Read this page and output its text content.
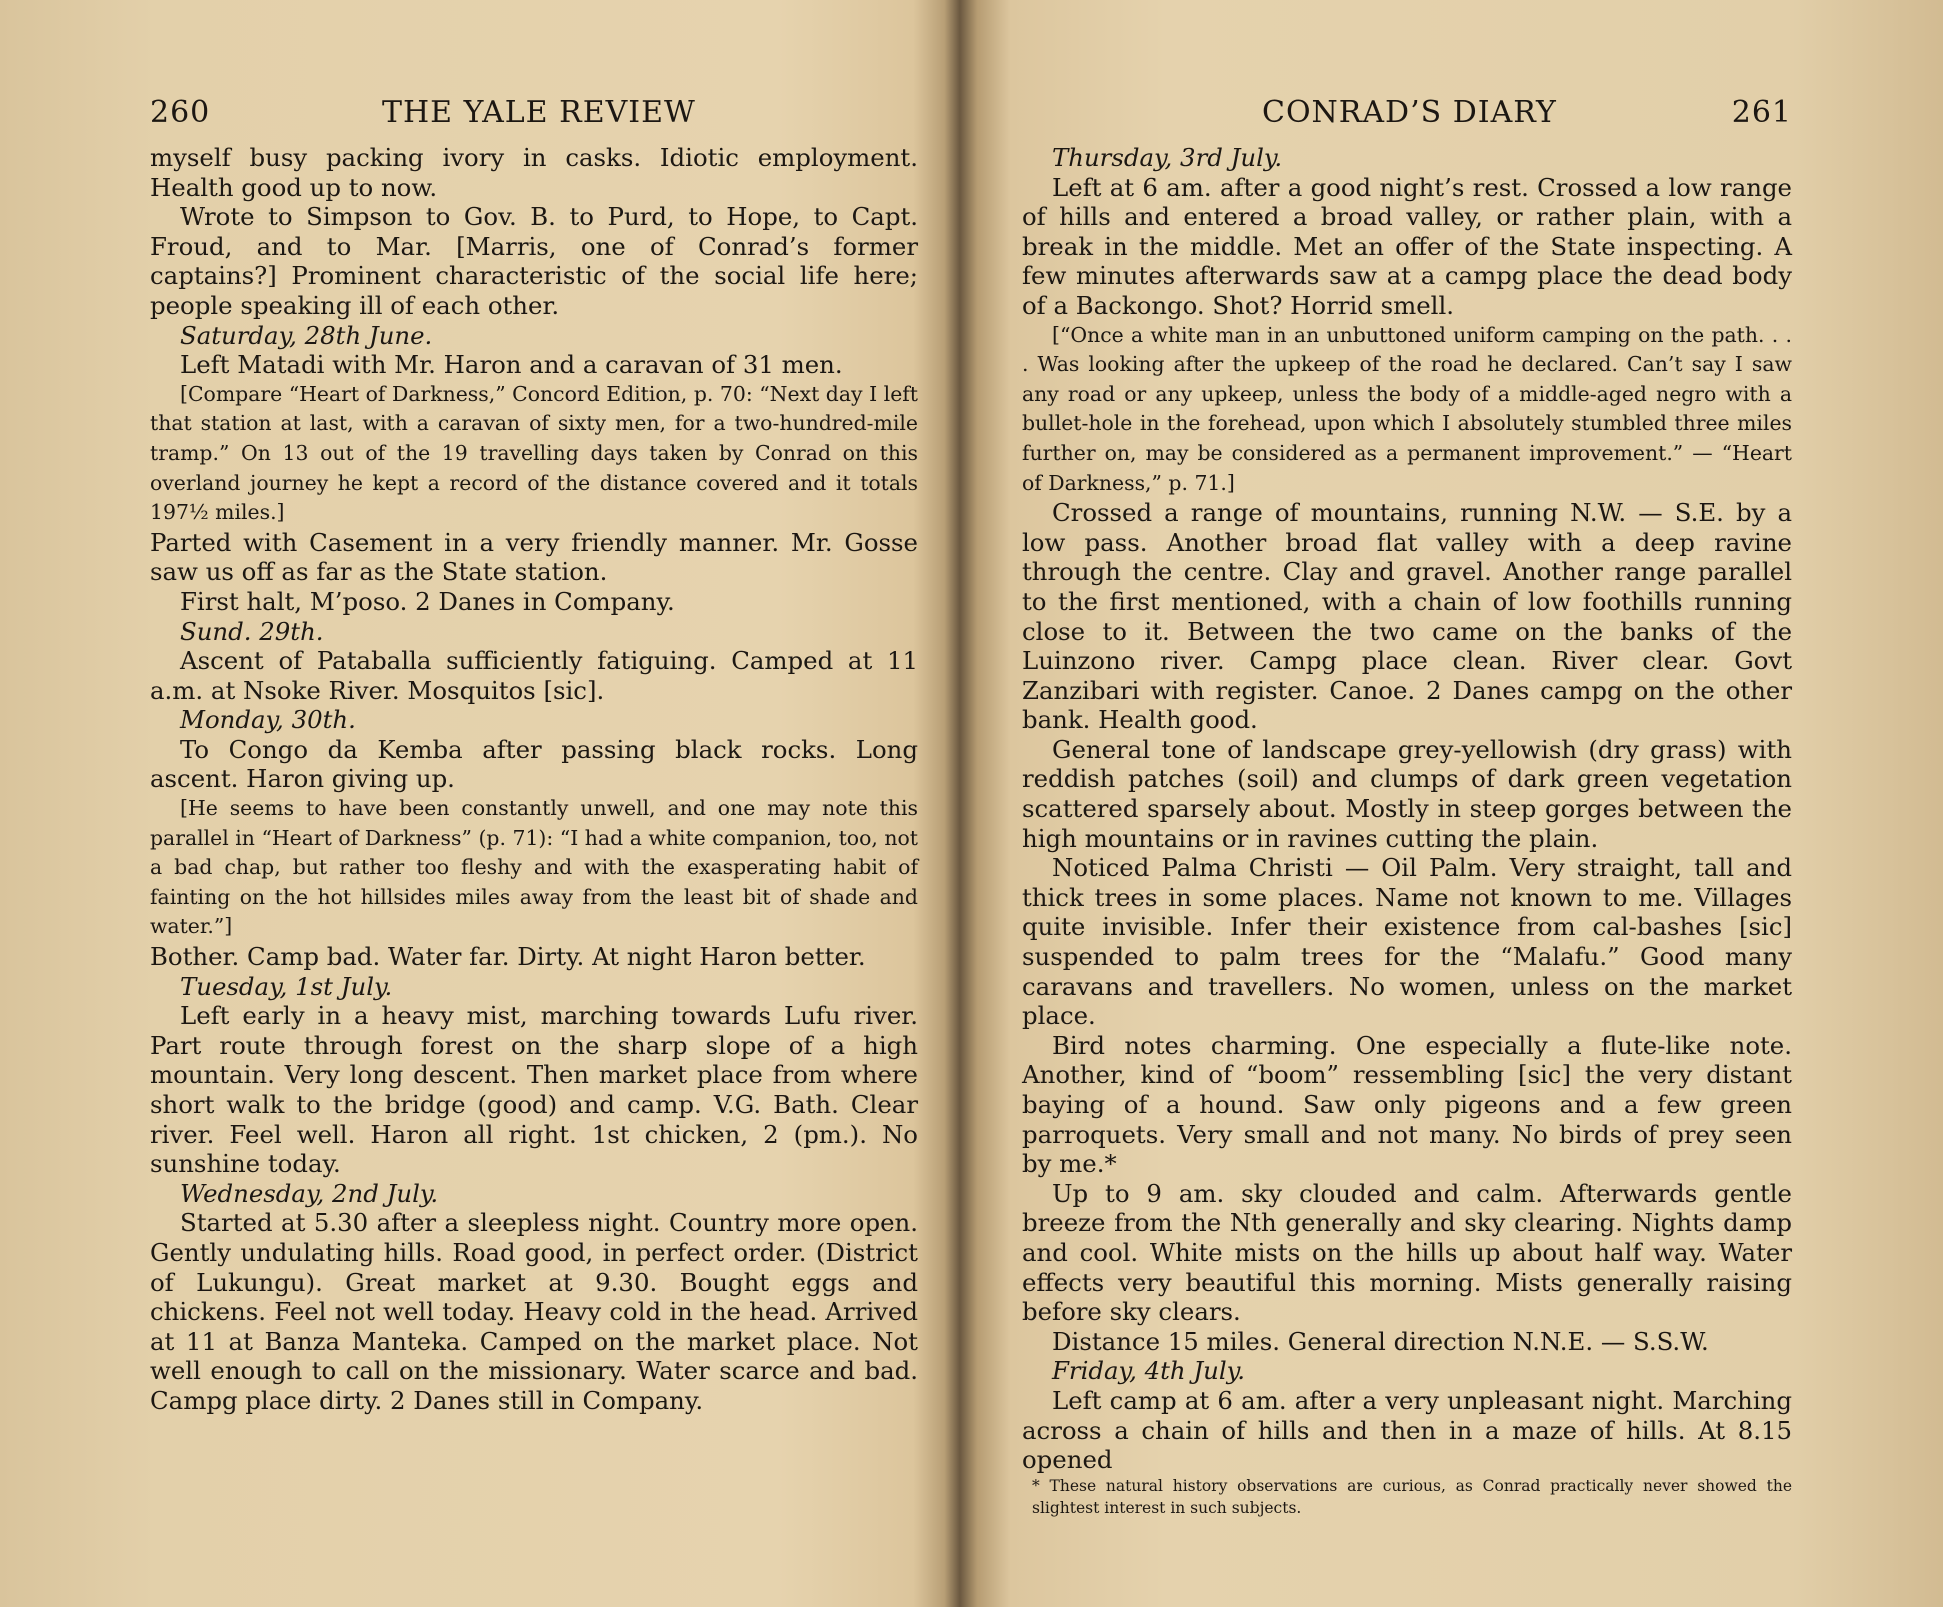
260	THE YALE REVIEW

myself busy packing ivory in casks. Idiotic employment. Health good up to now.

Wrote to Simpson to Gov. B. to Purd, to Hope, to Capt. Froud, and to Mar. [Marris, one of Conrad’s former captains?] Prominent characteristic of the social life here; people speaking ill of each other.

Saturday, 28th June.

Left Matadi with Mr. Haron and a caravan of 31 men.

[Compare “Heart of Darkness,” Concord Edition, p. 70: “Next day I left that station at last, with a caravan of sixty men, for a two-hundred-mile tramp.” On 13 out of the 19 travelling days taken by Conrad on this overland journey he kept a record of the distance covered and it totals 197½ miles.]

Parted with Casement in a very friendly manner. Mr. Gosse saw us off as far as the State station.

First halt, M’poso. 2 Danes in Company.

Sund. 29th.

Ascent of Pataballa sufficiently fatiguing. Camped at 11 a.m. at Nsoke River. Mosquitos [sic].

Monday, 30th.

To Congo da Kemba after passing black rocks. Long ascent. Haron giving up.

[He seems to have been constantly unwell, and one may note this parallel in “Heart of Darkness” (p. 71): “I had a white companion, too, not a bad chap, but rather too fleshy and with the exasperating habit of fainting on the hot hillsides miles away from the least bit of shade and water.”]

Bother. Camp bad. Water far. Dirty. At night Haron better.

Tuesday, 1st July.

Left early in a heavy mist, marching towards Lufu river. Part route through forest on the sharp slope of a high mountain. Very long descent. Then market place from where short walk to the bridge (good) and camp. V.G. Bath. Clear river. Feel well. Haron all right. 1st chicken, 2 (pm.). No sunshine today.

Wednesday, 2nd July.

Started at 5.30 after a sleepless night. Country more open. Gently undulating hills. Road good, in perfect order. (District of Lukungu). Great market at 9.30. Bought eggs and chickens. Feel not well today. Heavy cold in the head. Arrived at 11 at Banza Manteka. Camped on the market place. Not well enough to call on the missionary. Water scarce and bad. Campg place dirty. 2 Danes still in Company.

CONRAD’S DIARY	261

Thursday, 3rd July.

Left at 6 am. after a good night’s rest. Crossed a low range of hills and entered a broad valley, or rather plain, with a break in the middle. Met an offer of the State inspecting. A few minutes afterwards saw at a campg place the dead body of a Backongo. Shot? Horrid smell.

[“Once a white man in an unbuttoned uniform camping on the path. . . . Was looking after the upkeep of the road he declared. Can’t say I saw any road or any upkeep, unless the body of a middle-aged negro with a bullet-hole in the forehead, upon which I absolutely stumbled three miles further on, may be considered as a permanent improvement.” — “Heart of Darkness,” p. 71.]

Crossed a range of mountains, running N.W. — S.E. by a low pass. Another broad flat valley with a deep ravine through the centre. Clay and gravel. Another range parallel to the first mentioned, with a chain of low foothills running close to it. Between the two came on the banks of the Luinzono river. Campg place clean. River clear. Govt Zanzibari with register. Canoe. 2 Danes campg on the other bank. Health good.

General tone of landscape grey-yellowish (dry grass) with reddish patches (soil) and clumps of dark green vegetation scattered sparsely about. Mostly in steep gorges between the high mountains or in ravines cutting the plain.

Noticed Palma Christi — Oil Palm. Very straight, tall and thick trees in some places. Name not known to me. Villages quite invisible. Infer their existence from cal-bashes [sic] suspended to palm trees for the “Malafu.” Good many caravans and travellers. No women, unless on the market place.

Bird notes charming. One especially a flute-like note. Another, kind of “boom” ressembling [sic] the very distant baying of a hound. Saw only pigeons and a few green parroquets. Very small and not many. No birds of prey seen by me.*

Up to 9 am. sky clouded and calm. Afterwards gentle breeze from the Nth generally and sky clearing. Nights damp and cool. White mists on the hills up about half way. Water effects very beautiful this morning. Mists generally raising before sky clears.

Distance 15 miles. General direction N.N.E. — S.S.W.

Friday, 4th July.

Left camp at 6 am. after a very unpleasant night. Marching across a chain of hills and then in a maze of hills. At 8.15 opened

* These natural history observations are curious, as Conrad practically never showed the slightest interest in such subjects.
